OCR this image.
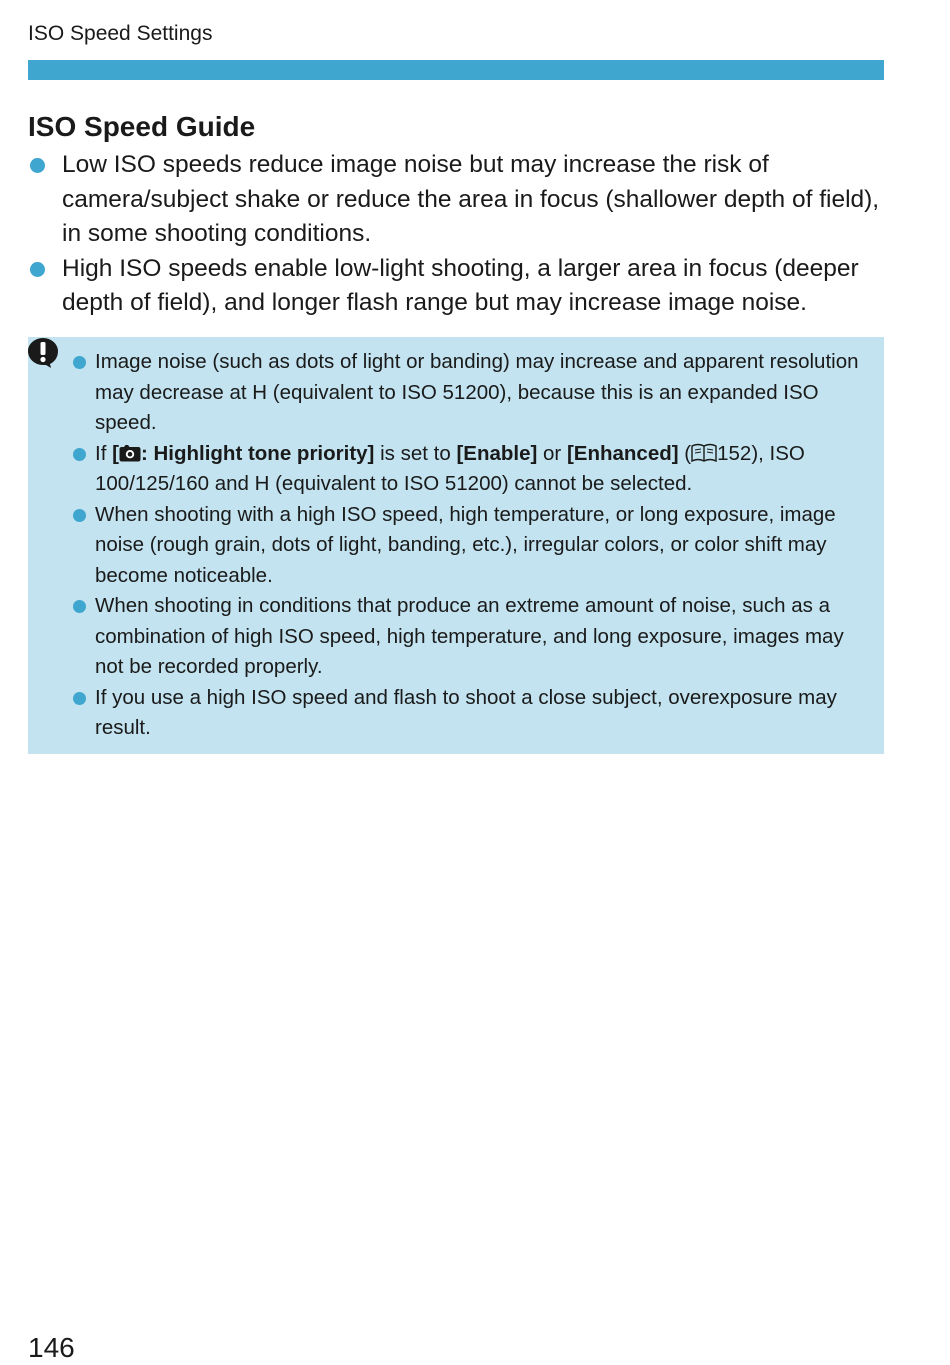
ISO Speed Settings
ISO Speed Guide
Low ISO speeds reduce image noise but may increase the risk of camera/subject shake or reduce the area in focus (shallower depth of field), in some shooting conditions.
High ISO speeds enable low-light shooting, a larger area in focus (deeper depth of field), and longer flash range but may increase image noise.
Image noise (such as dots of light or banding) may increase and apparent resolution may decrease at H (equivalent to ISO 51200), because this is an expanded ISO speed.
If [ : Highlight tone priority] is set to [Enable] or [Enhanced] ( 152), ISO 100/125/160 and H (equivalent to ISO 51200) cannot be selected.
When shooting with a high ISO speed, high temperature, or long exposure, image noise (rough grain, dots of light, banding, etc.), irregular colors, or color shift may become noticeable.
When shooting in conditions that produce an extreme amount of noise, such as a combination of high ISO speed, high temperature, and long exposure, images may not be recorded properly.
If you use a high ISO speed and flash to shoot a close subject, overexposure may result.
146
